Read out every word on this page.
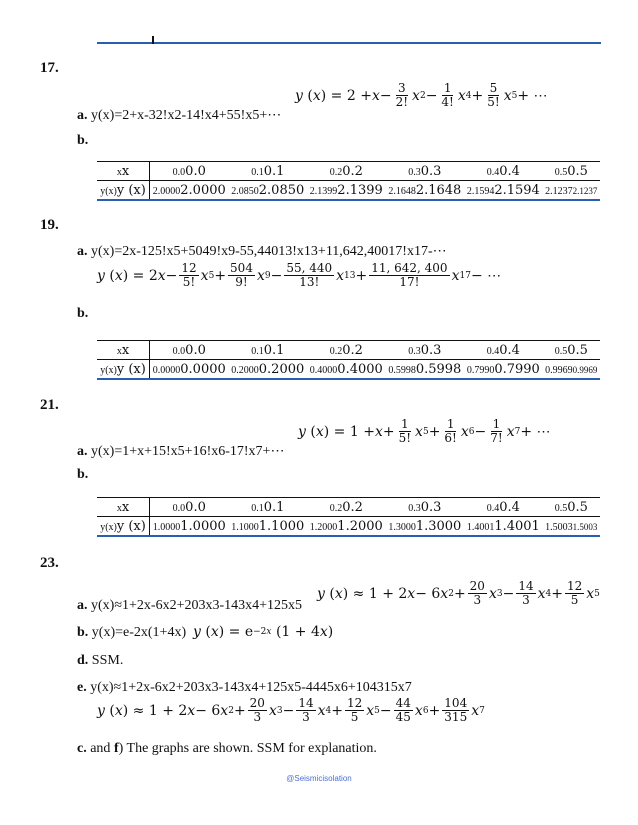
17.
y ( x ) = $2 + x - \frac{3}{2!}$ x $2 - \frac{1}{4!}$ x $4 + \frac{5}{5!}$ x 5 + ⋯
a. y(x)=2+x-32!x2-14!x4+55!x5+⋯
b.
xx	0.00.0	0.10.1	0.20.2	0.30.3	0.40.4	0.50.5
y(x)y (x)	2.00002.0000	2.08502.0850	2.13992.1399	2.16482.1648	2.15942.1594	2.12372.1237
19.
a. y(x)=2x-125!x5+5049!x9-55,44013!x13+11,642,40017!x17-⋯
y ( x ) = 2 $x - \frac{12}{5!}$ x $5 + \frac{504}{9!}$ x $9 - \frac{55, 440}{13!}$ x $13 + \frac{11, 642, 400}{17!}$ x 17 − ⋯
b.
xx	0.00.0	0.10.1	0.20.2	0.30.3	0.40.4	0.50.5
y(x)y (x)	0.00000.0000	0.20000.2000	0.40000.4000	0.59980.5998	0.79900.7990	0.99690.9969
21.
y ( x ) = $1 + x + \frac{1}{5!}$ x $5 + \frac{1}{6!}$ x $6 - \frac{1}{7!}$ x 7 + ⋯
a. y(x)=1+x+15!x5+16!x6-17!x7+⋯
b.
xx	0.00.0	0.10.1	0.20.2	0.30.3	0.40.4	0.50.5
y(x)y (x)	1.00001.0000	1.10001.1000	1.20001.2000	1.30001.3000	1.40011.4001	1.50031.5003
23.
y ( x ) ≈ 1 + 2 x − 6 x $2 + \frac{20}{3}$ x $3 - \frac{14}{3}$ x $4 + \frac{12}{5}$ x 5
a. y(x)≈1+2x-6x2+203x3-143x4+125x5
b. y(x)=e-2x(1+4x) y ( x ) = e −2x (1 + 4 x )
d. SSM.
e. y(x)≈1+2x-6x2+203x3-143x4+125x5-4445x6+104315x7
y ( x ) ≈ 1 + 2 x − 6 x $2 + \frac{20}{3}$ x $3 - \frac{14}{3}$ x $4 + \frac{12}{5}$ x $5 - \frac{44}{45}$ x $6 + \frac{104}{315}$ x 7
c. and f) The graphs are shown. SSM for explanation.
@Seismicisolation
